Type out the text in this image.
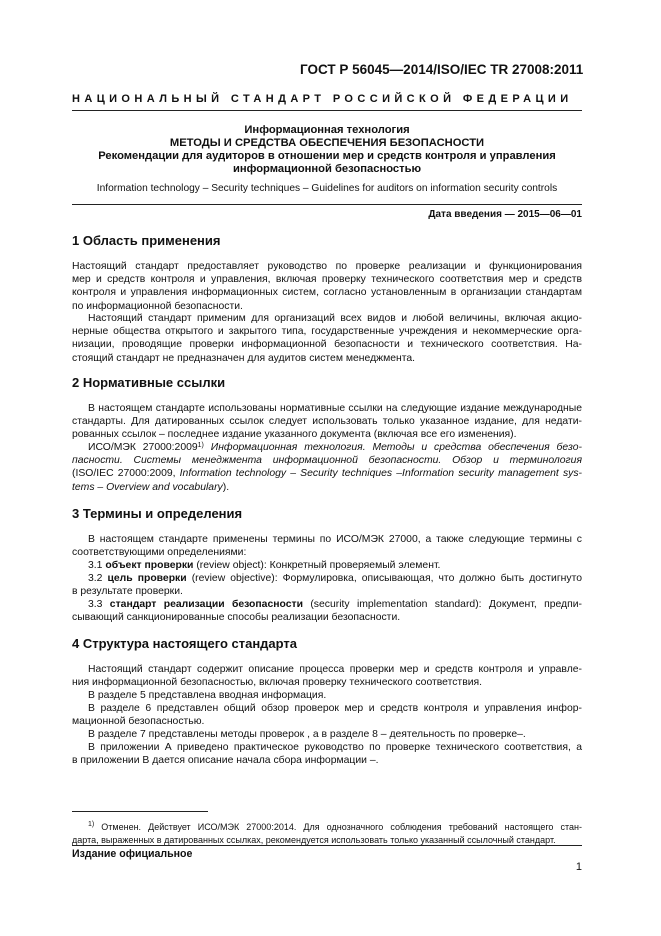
ГОСТ Р 56045—2014/ISO/IEC TR 27008:2011
НАЦИОНАЛЬНЫЙ СТАНДАРТ РОССИЙСКОЙ ФЕДЕРАЦИИ
Информационная технология
МЕТОДЫ И СРЕДСТВА ОБЕСПЕЧЕНИЯ БЕЗОПАСНОСТИ
Рекомендации для аудиторов в отношении мер и средств контроля и управления
информационной безопасностью
Information technology – Security techniques – Guidelines for auditors on information security controls
Дата введения — 2015—06—01
1 Область применения
Настоящий стандарт предоставляет руководство по проверке реализации и функционирования
мер и средств контроля и управления, включая проверку технического соответствия мер и средств
контроля и управления информационных систем, согласно установленным в организации стандартам
по информационной безопасности.
Настоящий стандарт применим для организаций всех видов и любой величины, включая акцио-
нерные общества открытого и закрытого типа, государственные учреждения и некоммерческие орга-
низации, проводящие проверки информационной безопасности и технического соответствия. На-
стоящий стандарт не предназначен для аудитов систем менеджмента.
2 Нормативные ссылки
В настоящем стандарте использованы нормативные ссылки на следующие издание международные
стандарты. Для датированных ссылок следует использовать только указанное издание, для недати-
рованных ссылок – последнее издание указанного документа (включая все его изменения).
ИСО/МЭК 27000:2009$^{1)}$ Информационная технология. Методы и средства обеспечения безо-
пасности. Системы менеджмента информационной безопасности. Обзор и терминология
(ISO/IEC 27000:2009, Information technology – Security techniques –Information security management sys-
tems – Overview and vocabulary).
3 Термины и определения
В настоящем стандарте применены термины по ИСО/МЭК 27000, а также следующие термины с
соответствующими определениями:
3.1 объект проверки (review object): Конкретный проверяемый элемент.
3.2 цель проверки (review objective): Формулировка, описывающая, что должно быть достигнуто
в результате проверки.
3.3 стандарт реализации безопасности (security implementation standard): Документ, предпи-
сывающий санкционированные способы реализации безопасности.
4 Структура настоящего стандарта
Настоящий стандарт содержит описание процесса проверки мер и средств контроля и управле-
ния информационной безопасностью, включая проверку технического соответствия.
В разделе 5 представлена вводная информация.
В разделе 6 представлен общий обзор проверок мер и средств контроля и управления инфор-
мационной безопасностью.
В разделе 7 представлены методы проверок , а в разделе 8 – деятельность по проверке–.
В приложении А приведено практическое руководство по проверке технического соответствия, а
в приложении В дается описание начала сбора информации –.
$^{1)}$ Отменен. Действует ИСО/МЭК 27000:2014. Для однозначного соблюдения требований настоящего стан-
дарта, выраженных в датированных ссылках, рекомендуется использовать только указанный ссылочный стандарт.
Издание официальное
1
